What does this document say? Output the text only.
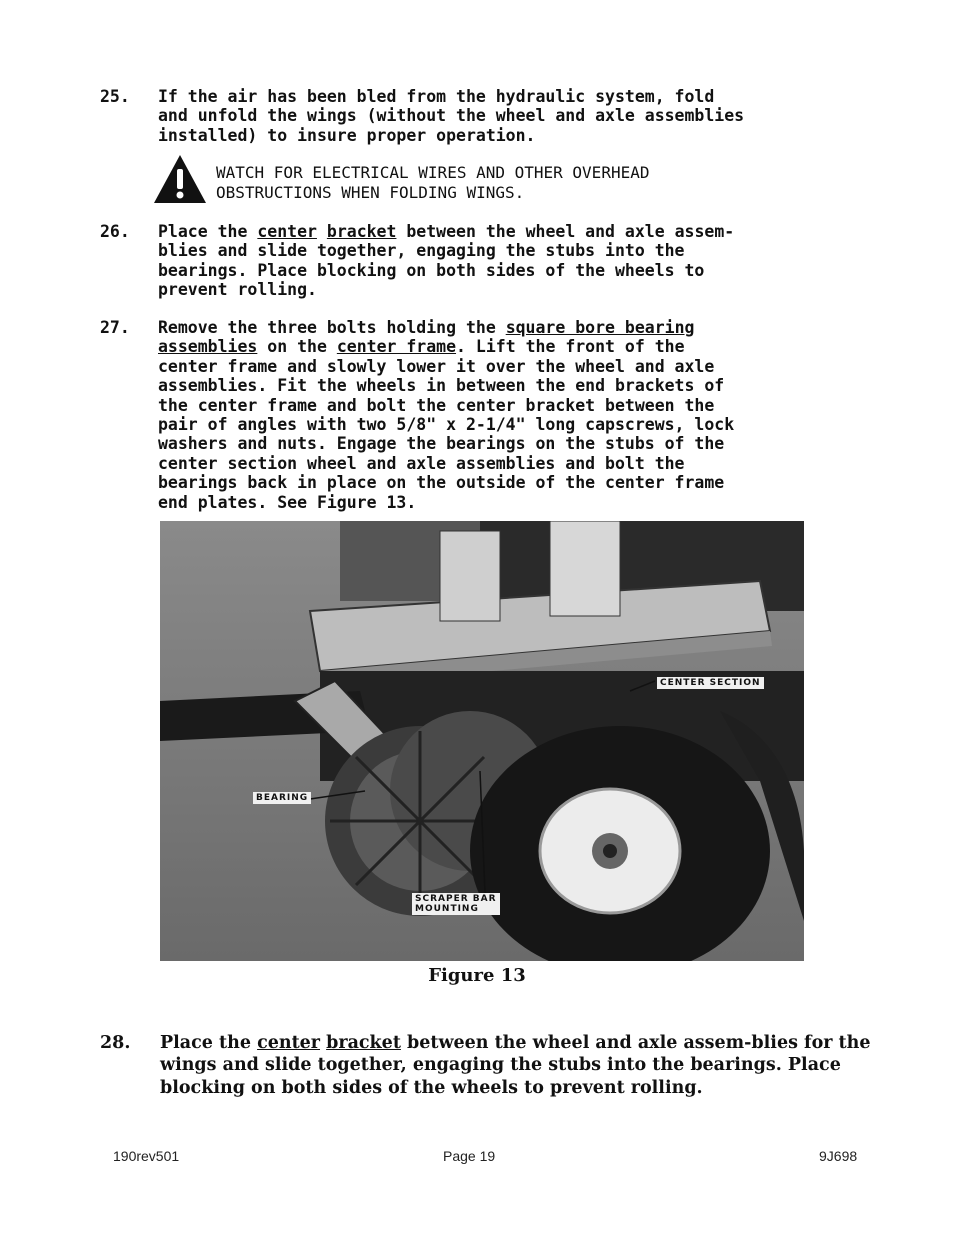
25. If the air has been bled from the hydraulic system, fold
and unfold the wings (without the wheel and axle assemblies
installed) to insure proper operation.
WATCH FOR ELECTRICAL WIRES AND OTHER OVERHEAD
OBSTRUCTIONS WHEN FOLDING WINGS.
26. Place the center bracket between the wheel and axle assem-
blies and slide together, engaging the stubs into the
bearings. Place blocking on both sides of the wheels to
prevent rolling.
27. Remove the three bolts holding the square bore bearing
assemblies on the center frame. Lift the front of the
center frame and slowly lower it over the wheel and axle
assemblies. Fit the wheels in between the end brackets of
the center frame and bolt the center bracket between the
pair of angles with two 5/8" x 2-1/4" long capscrews, lock
washers and nuts. Engage the bearings on the stubs of the
center section wheel and axle assemblies and bolt the
bearings back in place on the outside of the center frame
end plates. See Figure 13.
CENTER SECTION
BEARING
SCRAPER BAR
MOUNTING
Figure 13
28. Place the center bracket between the wheel and axle assem-blies for the wings and slide together, engaging the stubs into the bearings. Place blocking on both sides of the wheels to prevent rolling.
190rev501	Page 19	9J698
